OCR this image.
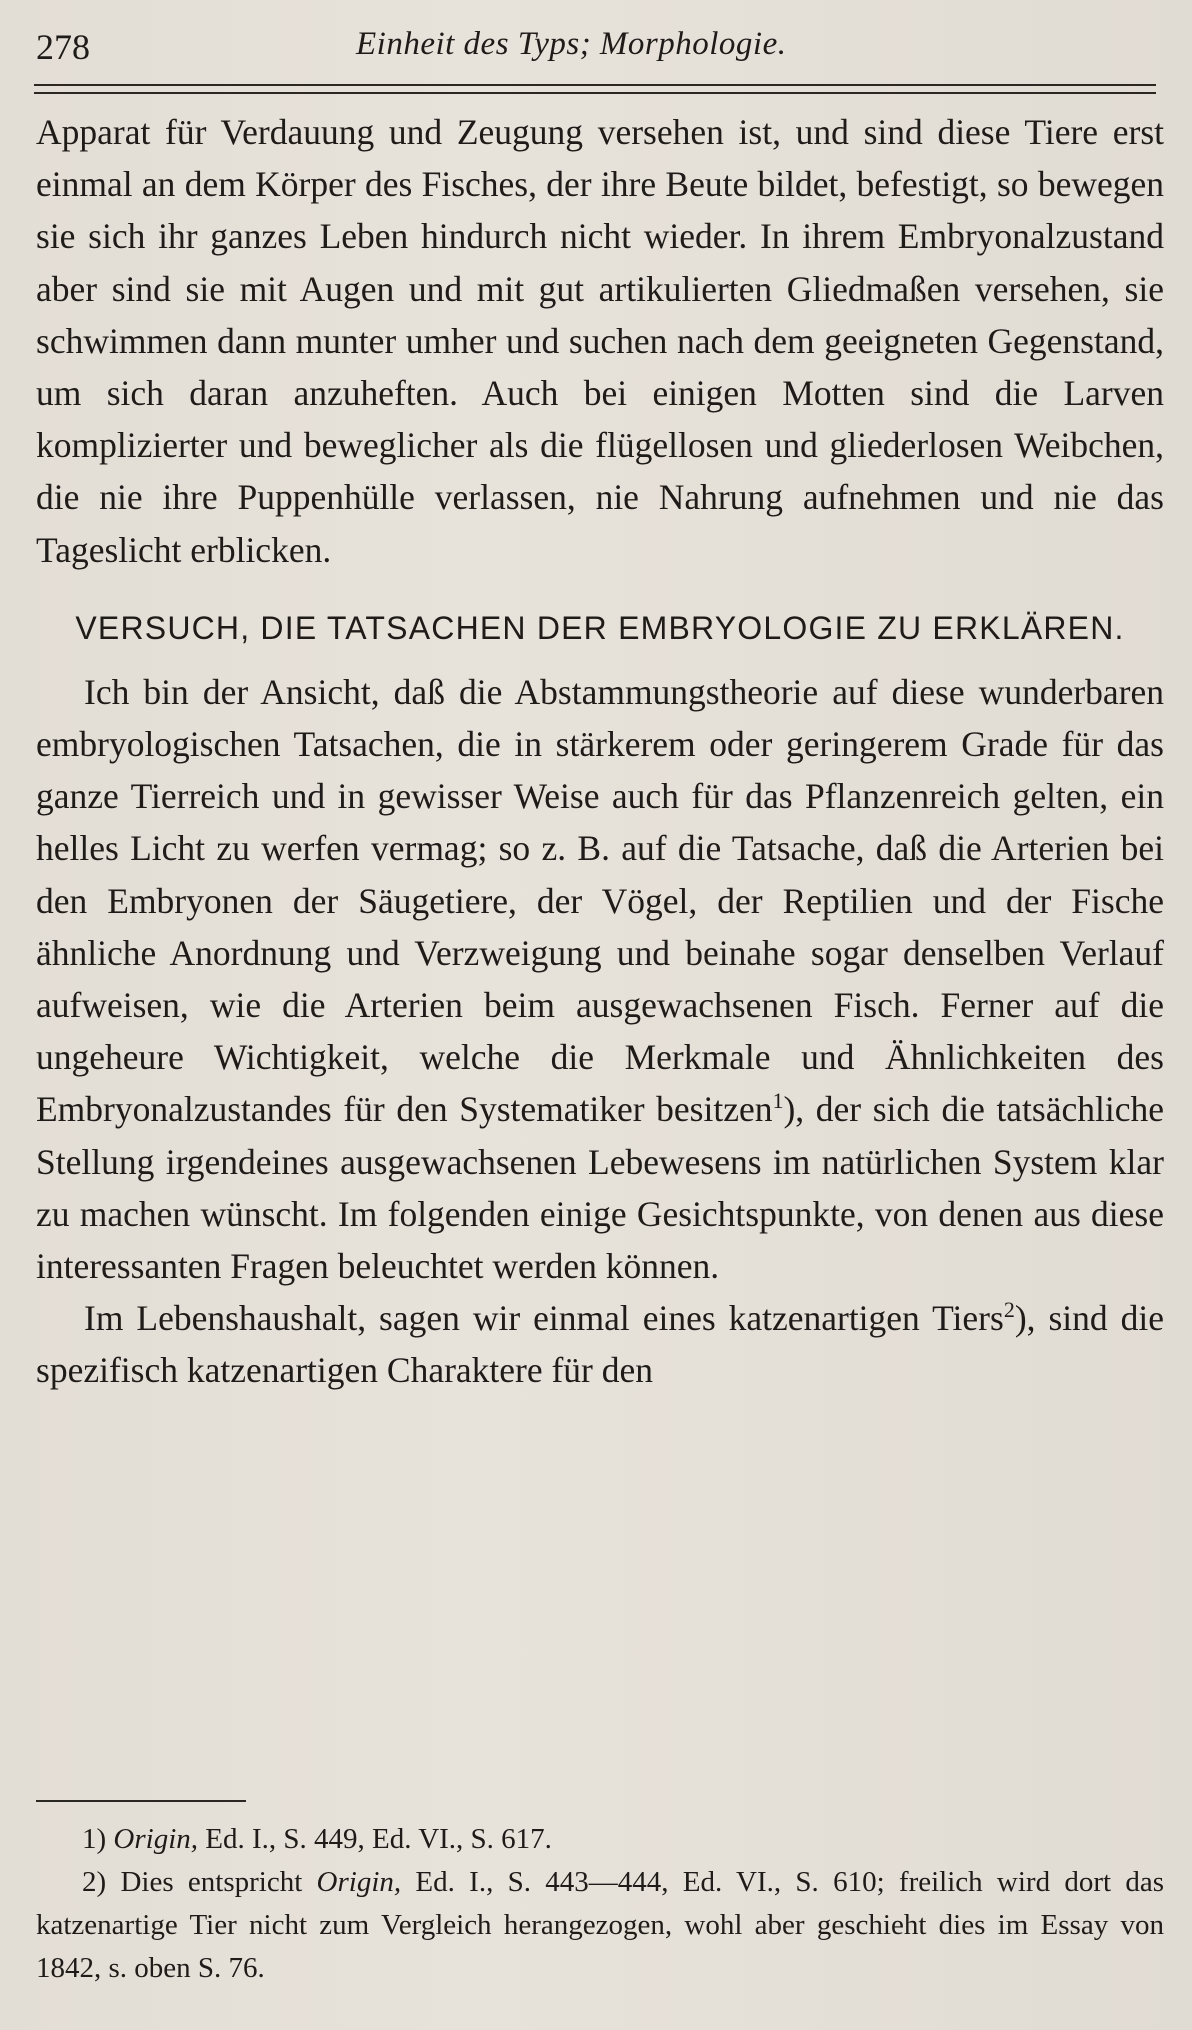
278	Einheit des Typs; Morphologie.

Apparat für Verdauung und Zeugung versehen ist, und sind diese Tiere erst einmal an dem Körper des Fisches, der ihre Beute bildet, befestigt, so bewegen sie sich ihr ganzes Leben hindurch nicht wieder. In ihrem Embryonalzustand aber sind sie mit Augen und mit gut artikulierten Gliedmaßen versehen, sie schwimmen dann munter umher und suchen nach dem geeigneten Gegenstand, um sich daran anzuheften. Auch bei einigen Motten sind die Larven komplizierter und beweglicher als die flügellosen und gliederlosen Weibchen, die nie ihre Puppenhülle verlassen, nie Nahrung aufnehmen und nie das Tageslicht erblicken.

VERSUCH, DIE TATSACHEN DER EMBRYOLOGIE ZU ERKLÄREN.

Ich bin der Ansicht, daß die Abstammungstheorie auf diese wunderbaren embryologischen Tatsachen, die in stärkerem oder geringerem Grade für das ganze Tierreich und in gewisser Weise auch für das Pflanzenreich gelten, ein helles Licht zu werfen vermag; so z. B. auf die Tatsache, daß die Arterien bei den Embryonen der Säugetiere, der Vögel, der Reptilien und der Fische ähnliche Anordnung und Verzweigung und beinahe sogar denselben Verlauf aufweisen, wie die Arterien beim ausgewachsenen Fisch. Ferner auf die ungeheure Wichtigkeit, welche die Merkmale und Ähnlichkeiten des Embryonalzustandes für den Systematiker besitzen$^1$), der sich die tatsächliche Stellung irgendeines ausgewachsenen Lebewesens im natürlichen System klar zu machen wünscht. Im folgenden einige Gesichtspunkte, von denen aus diese interessanten Fragen beleuchtet werden können.

Im Lebenshaushalt, sagen wir einmal eines katzenartigen Tiers$^2$), sind die spezifisch katzenartigen Charaktere für den

1) Origin, Ed. I., S. 449, Ed. VI., S. 617.

2) Dies entspricht Origin, Ed. I., S. 443—444, Ed. VI., S. 610; freilich wird dort das katzenartige Tier nicht zum Vergleich herangezogen, wohl aber geschieht dies im Essay von 1842, s. oben S. 76.
